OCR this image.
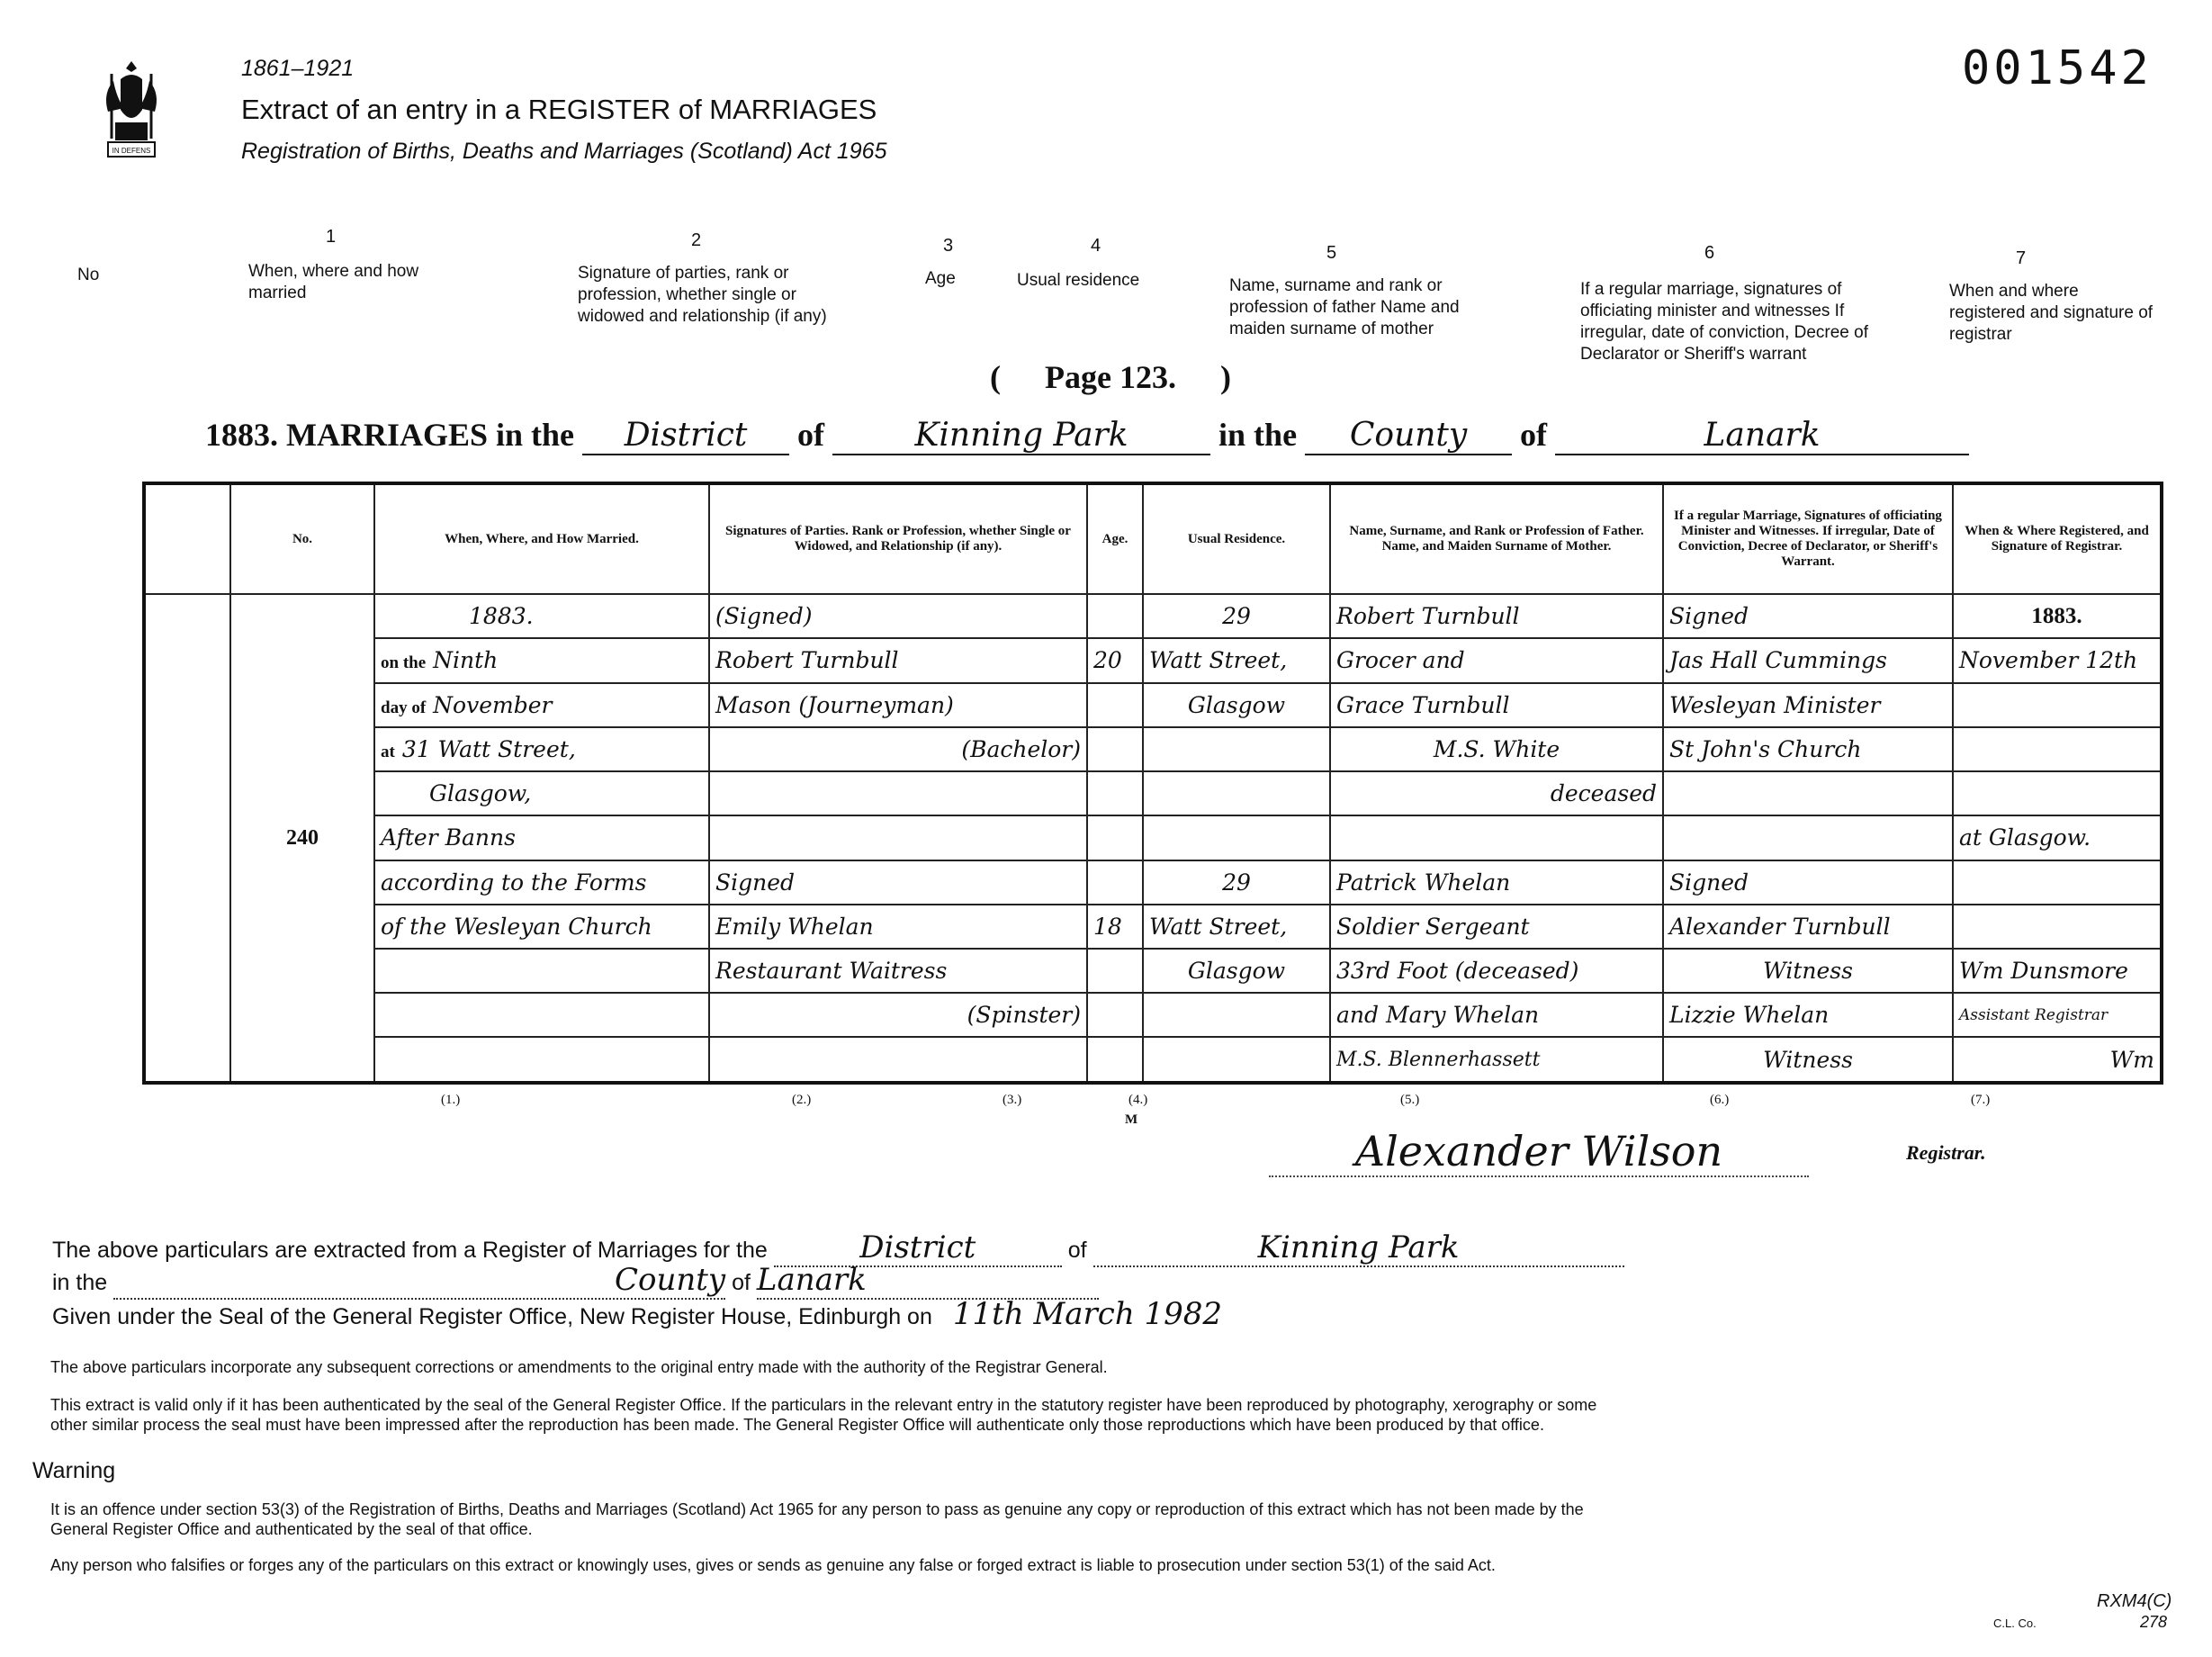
IN DEFENS
1861–1921
Extract of an entry in a REGISTER of MARRIAGES
Registration of Births, Deaths and Marriages (Scotland) Act 1965
001542
No
1
When, where and how married
2
Signature of parties, rank or profession, whether single or widowed and relationship (if any)
3
Age
4
Usual residence
5
Name, surname and rank or profession of father Name and maiden surname of mother
6
If a regular marriage, signatures of officiating minister and witnesses If irregular, date of conviction, Decree of Declarator or Sheriff's warrant
7
When and where registered and signature of registrar
( Page 123. )
1883. MARRIAGES in the District of	Kinning Park	in the County of	Lanark
	No.	When, Where, and How Married.	Signatures of Parties. Rank or Profession, whether Single or Widowed, and Relationship (if any).	Age.	Usual Residence.	Name, Surname, and Rank or Profession of Father. Name, and Maiden Surname of Mother.	If a regular Marriage, Signatures of officiating Minister and Witnesses. If irregular, Date of Conviction, Decree of Declarator, or Sheriff's Warrant.	When & Where Registered, and Signature of Registrar.
	240	1883.	(Signed)		29	Robert Turnbull	Signed	1883.
		on the Ninth	Robert Turnbull	20	Watt Street,	Grocer and	Jas Hall Cummings	November 12th
		day of November	Mason (Journeyman)		Glasgow	Grace Turnbull	Wesleyan Minister	
		at 31 Watt Street,	(Bachelor)			M.S. White	St John's Church	
		Glasgow,				deceased		
		After Banns						at Glasgow.
		according to the Forms	Signed		29	Patrick Whelan	Signed	
		of the Wesleyan Church	Emily Whelan	18	Watt Street,	Soldier Sergeant	Alexander Turnbull	
			Restaurant Waitress		Glasgow	33rd Foot (deceased)	Witness	Wm Dunsmore
			(Spinster)			and Mary Whelan	Lizzie Whelan	Assistant Registrar
						M.S. Blennerhassett	Witness	Wm
(1.)	(2.)	(3.)	(4.)
M
(5.)	(6.)	(7.)
Alexander Wilson	Registrar.
The above particulars are extracted from a Register of Marriages for the	District	of	Kinning Park
in the	County of Lanark
Given under the Seal of the General Register Office, New Register House, Edinburgh on 11th March 1982
The above particulars incorporate any subsequent corrections or amendments to the original entry made with the authority of the Registrar General.
This extract is valid only if it has been authenticated by the seal of the General Register Office. If the particulars in the relevant entry in the statutory register have been reproduced by photography, xerography or some other similar process the seal must have been impressed after the reproduction has been made. The General Register Office will authenticate only those reproductions which have been produced by that office.
Warning
It is an offence under section 53(3) of the Registration of Births, Deaths and Marriages (Scotland) Act 1965 for any person to pass as genuine any copy or reproduction of this extract which has not been made by the General Register Office and authenticated by the seal of that office.
Any person who falsifies or forges any of the particulars on this extract or knowingly uses, gives or sends as genuine any false or forged extract is liable to prosecution under section 53(1) of the said Act.
RXM4(C)
278
C.L. Co.
